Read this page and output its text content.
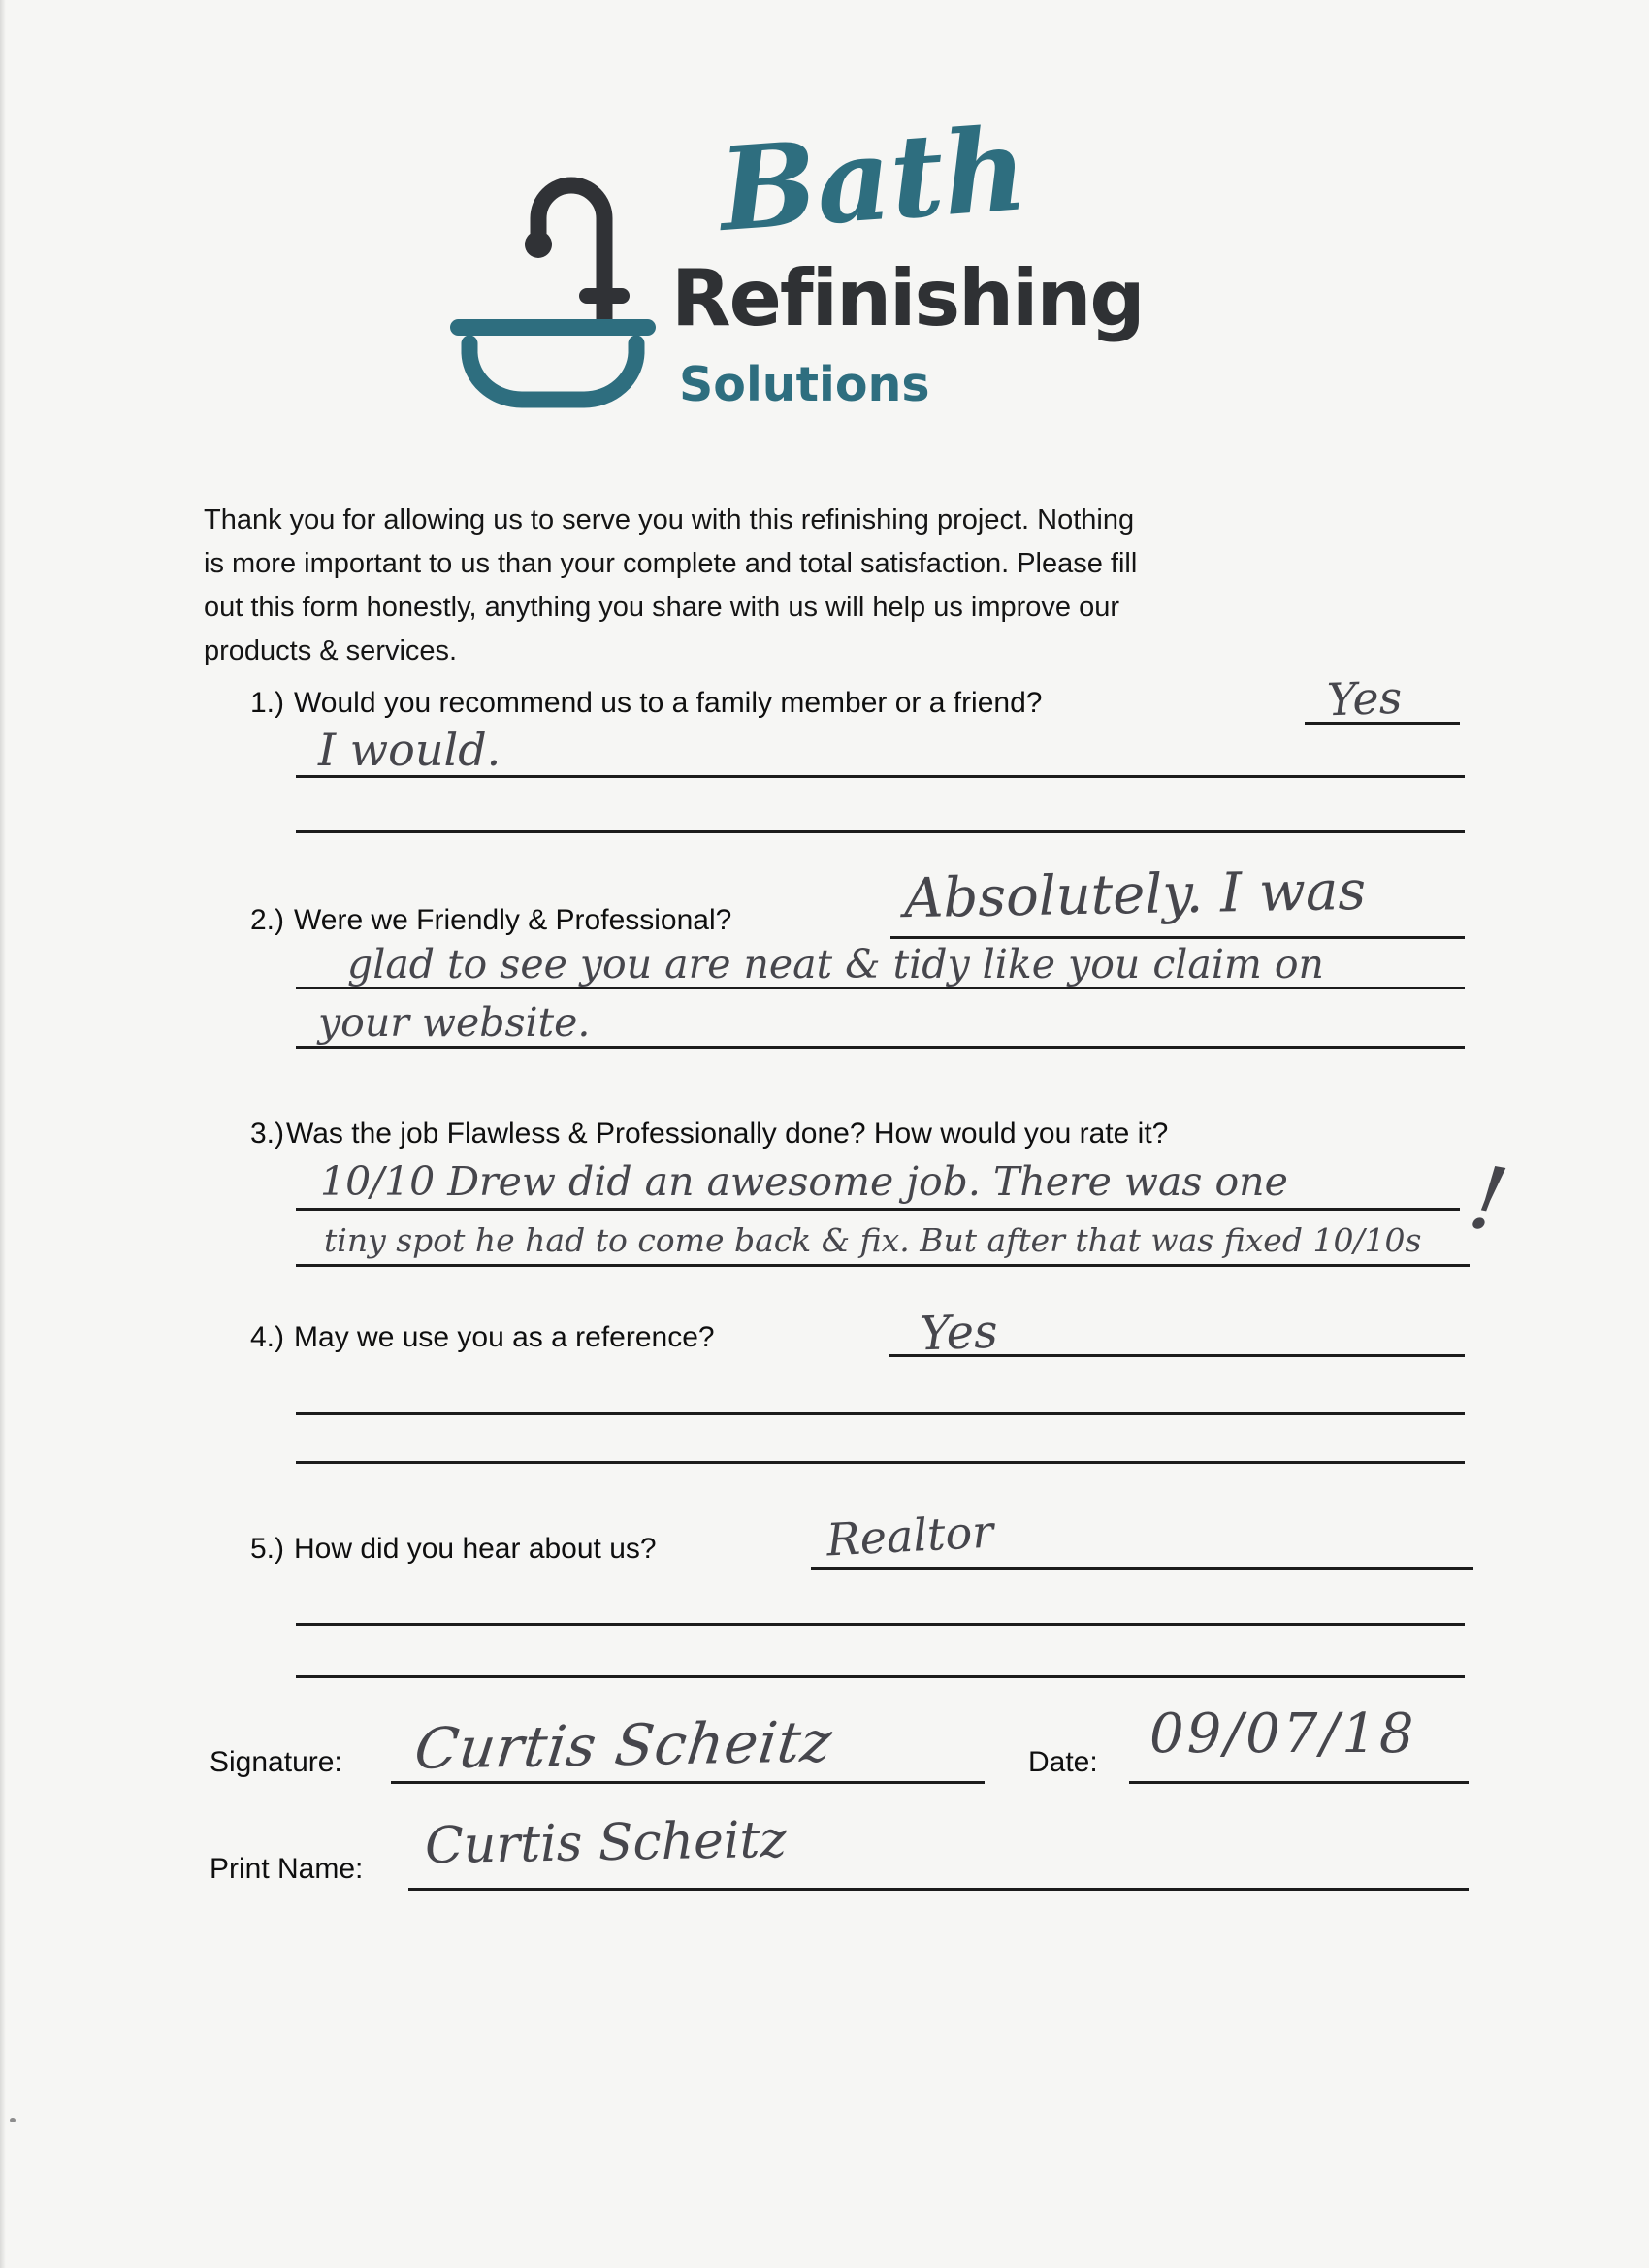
Bath
Refinishing
Solutions
Thank you for allowing us to serve you with this refinishing project. Nothing is more important to us than your complete and total satisfaction. Please fill out this form honestly, anything you share with us will help us improve our products & services.
1.) Would you recommend us to a family member or a friend?	Yes
I would.
2.) Were we Friendly & Professional?	Absolutely. I was
glad to see you are neat & tidy like you claim on
your website.
3.)Was the job Flawless & Professionally done? How would you rate it?
10/10 Drew did an awesome job. There was one
tiny spot he had to come back & fix. But after that was fixed 10/10s !
4.) May we use you as a reference?	Yes
5.) How did you hear about us?	Realtor
Signature: Curtis Scheitz	Date: 09/07/18
Print Name: Curtis Scheitz
